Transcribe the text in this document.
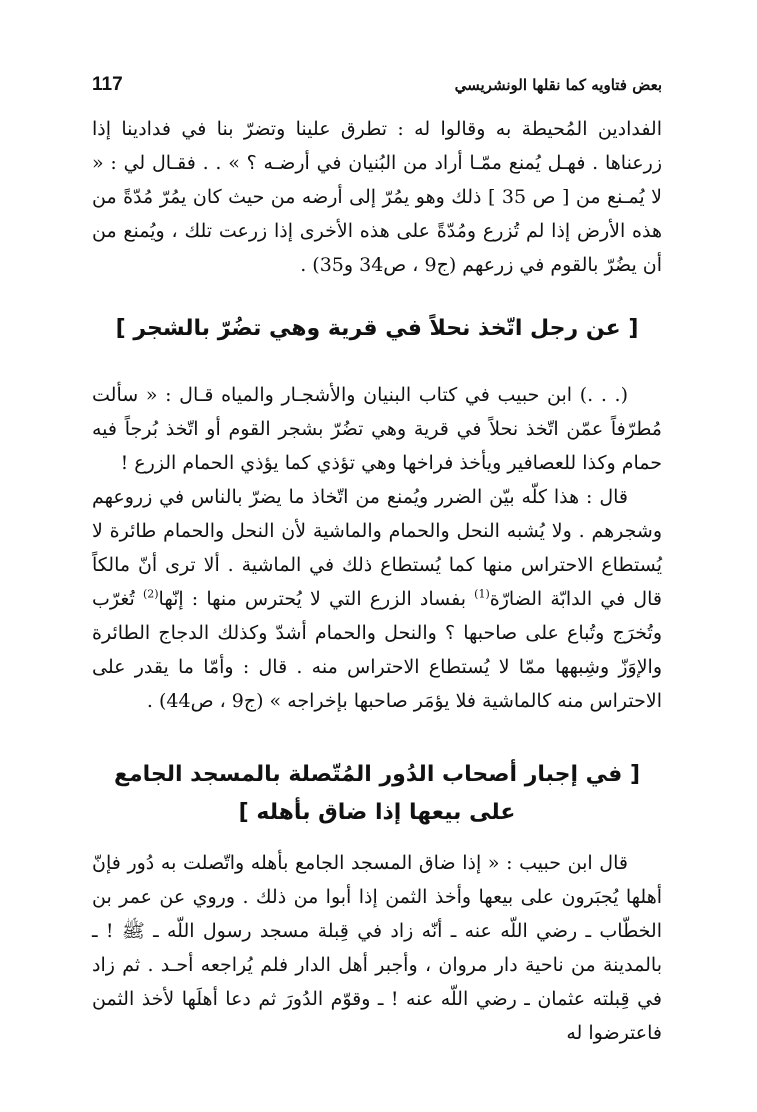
بعض فتاويه كما نقلها الونشريسي
117

الفدادين المُحيطة به وقالوا له : تطرق علينا وتضرّ بنا في فدادينا إذا زرعناها . فهـل يُمنع ممّـا أراد من البُنيان في أرضـه ؟ » . . فقـال لي : « لا يُمـنع من [ ص 35 ] ذلك وهو يمُرّ إلى أرضه من حيث كان يمُرّ مُدّةً من هذه الأرض إذا لم تُزرع ومُدّةً على هذه الأخرى إذا زرعت تلك ، ويُمنع من أن يضُرّ بالقوم في زرعهم (ج9 ، ص34 و35) .

[ عن رجل اتّخذ نحلاً في قرية وهي تضُرّ بالشجر ]

(. . .) ابن حبيب في كتاب البنيان والأشجـار والمياه قـال : « سألت مُطرّفاً عمّن اتّخذ نحلاً في قرية وهي تضُرّ بشجر القوم أو اتّخذ بُرجاً فيه حمام وكذا للعصافير ويأخذ فراخها وهي تؤذي كما يؤذي الحمام الزرع !

قال : هذا كلّه بيّن الضرر ويُمنع من اتّخاذ ما يضرّ بالناس في زروعهم وشجرهم . ولا يُشبه النحل والحمام والماشية لأن النحل والحمام طائرة لا يُستطاع الاحتراس منها كما يُستطاع ذلك في الماشية . ألا ترى أنّ مالكاً قال في الدابّة الضارّة$^{(1)}$ بفساد الزرع التي لا يُحترس منها : إنّها$^{(2)}$ تُغرّب وتُخرَج وتُباع على صاحبها ؟ والنحل والحمام أشدّ وكذلك الدجاج الطائرة والإوَزّ وشِبهها ممّا لا يُستطاع الاحتراس منه . قال : وأمّا ما يقدر على الاحتراس منه كالماشية فلا يؤمَر صاحبها بإخراجه » (ج9 ، ص44) .

[ في إجبار أصحاب الدُور المُتّصلة بالمسجد الجامع
على بيعها إذا ضاق بأهله ]

قال ابن حبيب : « إذا ضاق المسجد الجامع بأهله واتّصلت به دُور فإنّ أهلها يُجبَرون على بيعها وأخذ الثمن إذا أبوا من ذلك . وروي عن عمر بن الخطّاب ـ رضي اللّه عنه ـ أنّه زاد في قِبلة مسجد رسول اللّه ـ ﷺ ! ـ بالمدينة من ناحية دار مروان ، وأجبر أهل الدار فلم يُراجعه أحـد . ثم زاد في قِبلته عثمان ـ رضي اللّه عنه ! ـ وقوّم الدُورَ ثم دعا أهلَها لأخذ الثمن فاعترضوا له
